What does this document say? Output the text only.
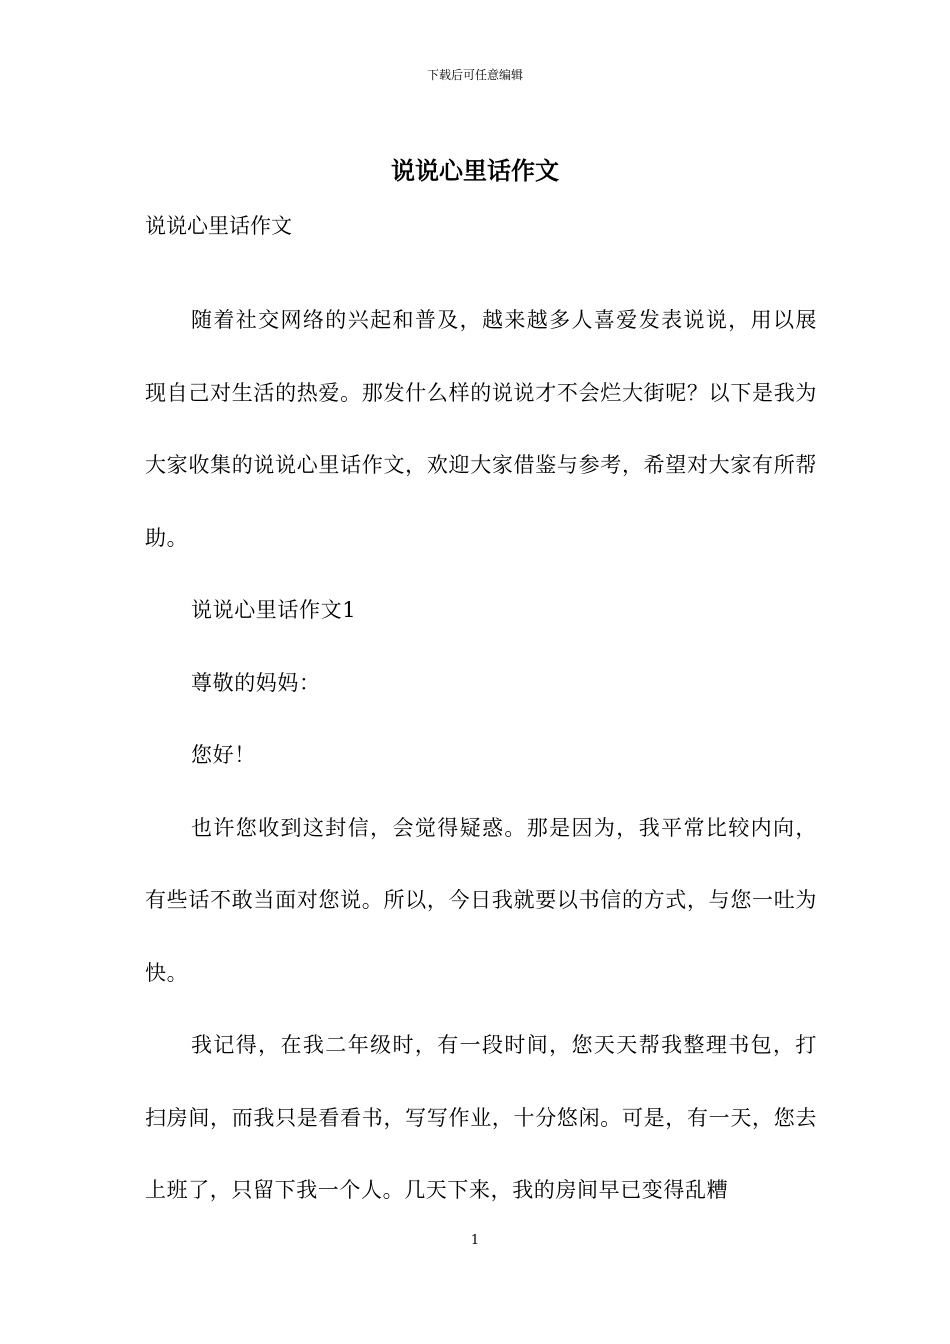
下载后可任意编辑
说说心里话作文

说说心里话作文

随着社交网络的兴起和普及，越来越多人喜爱发表说说，用以展现自己对生活的热爱。那发什么样的说说才不会烂大街呢？以下是我为大家收集的说说心里话作文，欢迎大家借鉴与参考，希望对大家有所帮助。

说说心里话作文1

尊敬的妈妈：

您好！

也许您收到这封信，会觉得疑惑。那是因为，我平常比较内向，有些话不敢当面对您说。所以，今日我就要以书信的方式，与您一吐为快。

我记得，在我二年级时，有一段时间，您天天帮我整理书包，打扫房间，而我只是看看书，写写作业，十分悠闲。可是，有一天，您去上班了，只留下我一个人。几天下来，我的房间早已变得乱糟

1
